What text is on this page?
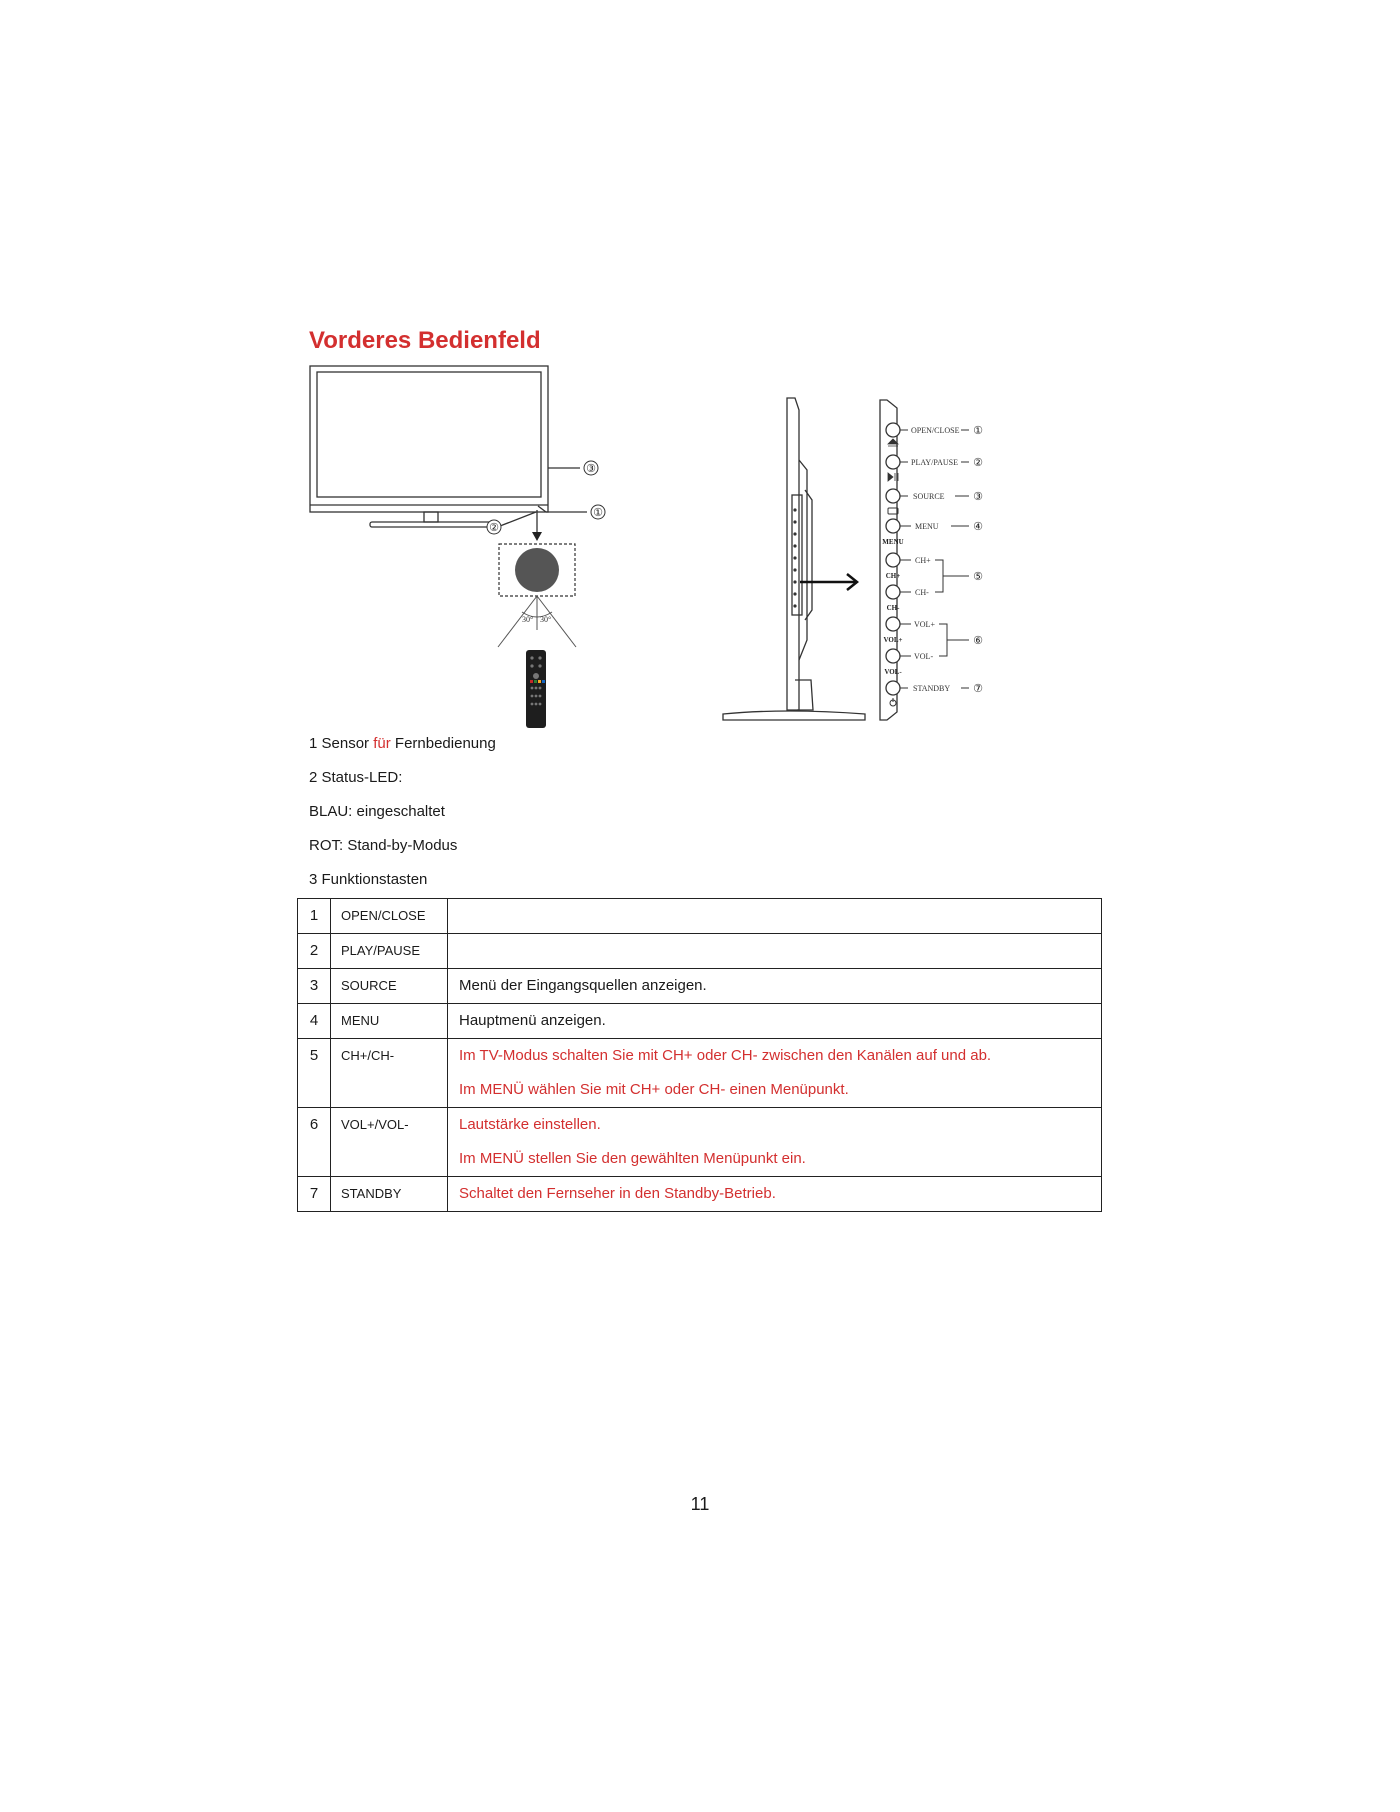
Vorderes Bedienfeld
30° 30°
③
①
②
OPEN/CLOSE ①
PLAY/PAUSE ②
SOURCE	③
MENU	④
MENU
CH+
CH+
CH-
CH-
⑤
VOL+
VOL+
VOL-
VOL-
⑥
STANDBY ⑦

1 Sensor für Fernbedienung

2 Status-LED:

BLAU: eingeschaltet

ROT: Stand-by-Modus

3 Funktionstasten

1	OPEN/CLOSE	

2	PLAY/PAUSE	

3	SOURCE	Menü der Eingangsquellen anzeigen.

4	MENU	Hauptmenü anzeigen.

5	CH+/CH-	Im TV-Modus schalten Sie mit CH+ oder CH- zwischen den Kanälen auf und ab.
Im MENÜ wählen Sie mit CH+ oder CH- einen Menüpunkt.

6	VOL+/VOL-	Lautstärke einstellen.
Im MENÜ stellen Sie den gewählten Menüpunkt ein.

7	STANDBY	Schaltet den Fernseher in den Standby-Betrieb.
11
